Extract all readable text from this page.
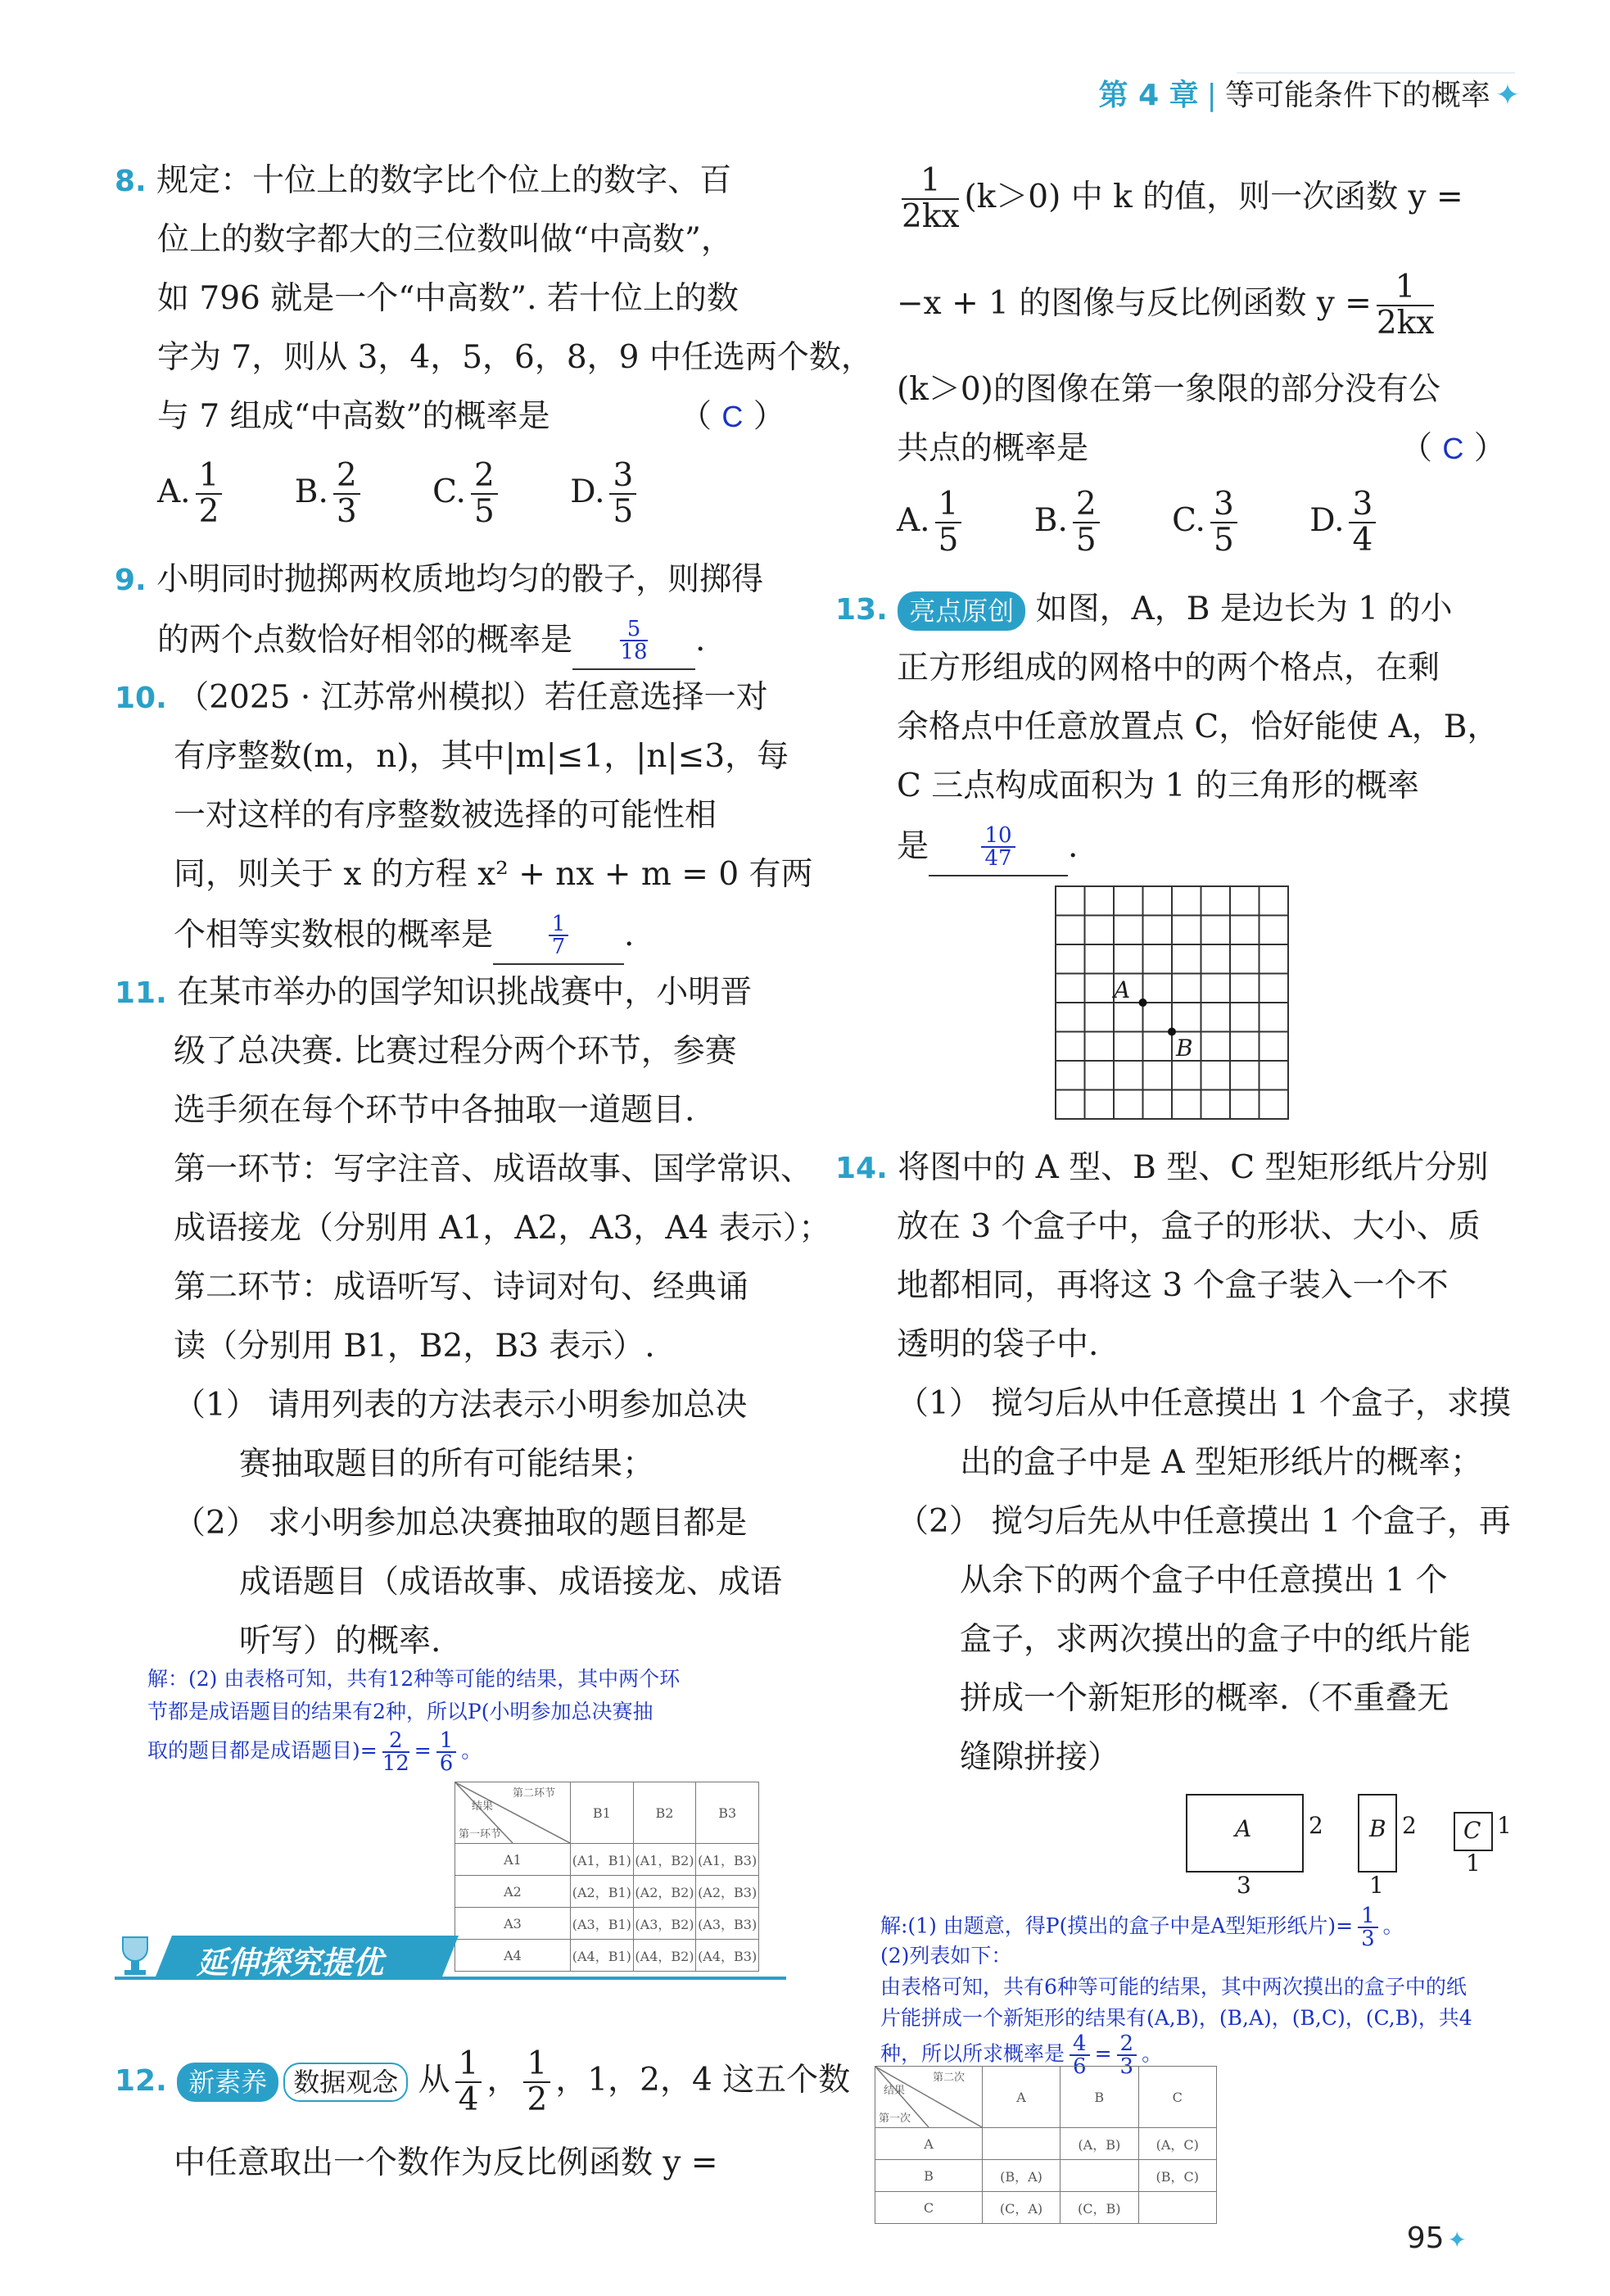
第 4 章 | 等可能条件下的概率 ✦
8. 规定：十位上的数字比个位上的数字、百
位上的数字都大的三位数叫做“中高数”，
如 796 就是一个“中高数”. 若十位上的数
字为 7，则从 3，4，5，6，8，9 中任选两个数，
与 7 组成“中高数”的概率是	（ C ）
A. $\frac{1}{2} B$. $\frac{2}{3} C$. $\frac{2}{5} D$. $\frac{3}{5}$
9. 小明同时抛掷两枚质地均匀的骰子，则掷得
的两个点数恰好相邻的概率是 $\frac{5}{18}$ .
10. （2025 · 江苏常州模拟）若任意选择一对
有序整数(m，n)，其中|m|≤1，|n|≤3，每
一对这样的有序整数被选择的可能性相
同，则关于 x 的方程 x² + nx + m = 0 有两
个相等实数根的概率是	$\frac{1}{7}$ .
11. 在某市举办的国学知识挑战赛中，小明晋
级了总决赛. 比赛过程分两个环节，参赛
选手须在每个环节中各抽取一道题目.
第一环节：写字注音、成语故事、国学常识、
成语接龙（分别用 A1，A2，A3，A4 表示）；
第二环节：成语听写、诗词对句、经典诵
读（分别用 B1，B2，B3 表示）.
（1） 请用列表的方法表示小明参加总决
赛抽取题目的所有可能结果；
（2） 求小明参加总决赛抽取的题目都是
成语题目（成语故事、成语接龙、成语
听写）的概率.
解：(2) 由表格可知，共有12种等可能的结果，其中两个环
节都是成语题目的结果有2种，所以P(小明参加总决赛抽
取的题目都是成语题目)= $\frac{2}{12} = \frac{1}{6}$ 。
第二环节
结果
第一环节	B1	B2	B3
A1	(A1，B1)	(A1，B2)	(A1，B3)
A2	(A2，B1)	(A2，B2)	(A2，B3)
A3	(A3，B1)	(A3，B2)	(A3，B3)
A4	(A4，B1)	(A4，B2)	(A4，B3)
延伸探究提优
12. 新素养 数据观念 从 $\frac{1}{4}$ ， $\frac{1}{2}$ ，1，2，4 这五个数
中任意取出一个数作为反比例函数 y =
$\frac{1}{2kx} (k>0)$ 中 k 的值，则一次函数 y =
−x + 1 的图像与反比例函数 $y = \frac{1}{2kx}$
(k＞0)的图像在第一象限的部分没有公
共点的概率是	（ C ）
A. $\frac{1}{5} B$. $\frac{2}{5} C$. $\frac{3}{5} D$. $\frac{3}{4}$
13. 亮点原创 如图，A，B 是边长为 1 的小
正方形组成的网格中的两个格点，在剩
余格点中任意放置点 C，恰好能使 A，B，
C 三点构成面积为 1 的三角形的概率
是 $\frac{10}{47}$ .
A
B
14. 将图中的 A 型、B 型、C 型矩形纸片分别
放在 3 个盒子中，盒子的形状、大小、质
地都相同，再将这 3 个盒子装入一个不
透明的袋子中.
（1） 搅匀后从中任意摸出 1 个盒子，求摸
出的盒子中是 A 型矩形纸片的概率；
（2） 搅匀后先从中任意摸出 1 个盒子，再
从余下的两个盒子中任意摸出 1 个
盒子，求两次摸出的盒子中的纸片能
拼成一个新矩形的概率.（不重叠无
缝隙拼接）
A 2
3
B 2
1
C 1
1
解:(1) 由题意，得P(摸出的盒子中是A型矩形纸片)= $\frac{1}{3}$ 。
(2)列表如下：
由表格可知，共有6种等可能的结果，其中两次摸出的盒子中的纸
片能拼成一个新矩形的结果有(A,B)，(B,A)，(B,C)，(C,B)，共4
种，所以所求概率是 $\frac{4}{6} = \frac{2}{3}$ 。
第二次
结果
第一次	A	B	C
A		(A，B)	(A，C)
B	(B，A)		(B，C)
C	(C，A)	(C，B)	
95 ✦
